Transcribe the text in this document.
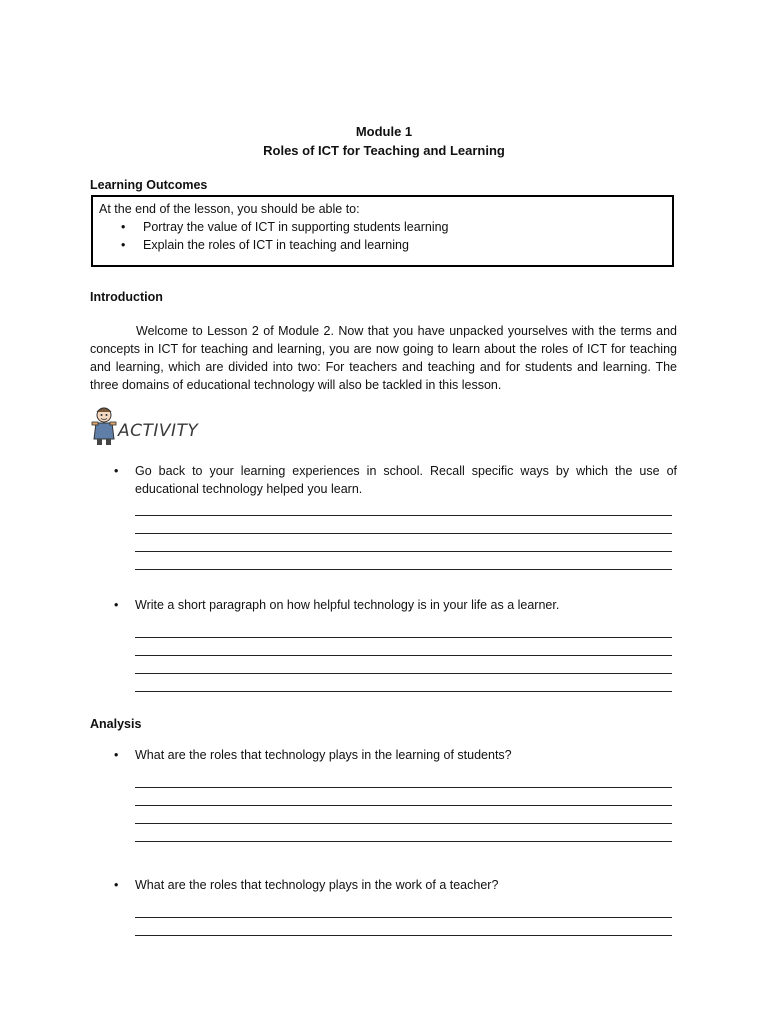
Module 1
Roles of ICT for Teaching and Learning
Learning Outcomes
At the end of the lesson, you should be able to:
• Portray the value of ICT in supporting students learning
• Explain the roles of ICT in teaching and learning
Introduction
Welcome to Lesson 2 of Module 2. Now that you have unpacked yourselves with the terms and concepts in ICT for teaching and learning, you are now going to learn about the roles of ICT for teaching and learning, which are divided into two: For teachers and teaching and for students and learning. The three domains of educational technology will also be tackled in this lesson.
ACTIVITY
• Go back to your learning experiences in school. Recall specific ways by which the use of educational technology helped you learn.
• Write a short paragraph on how helpful technology is in your life as a learner.
Analysis
• What are the roles that technology plays in the learning of students?
• What are the roles that technology plays in the work of a teacher?
